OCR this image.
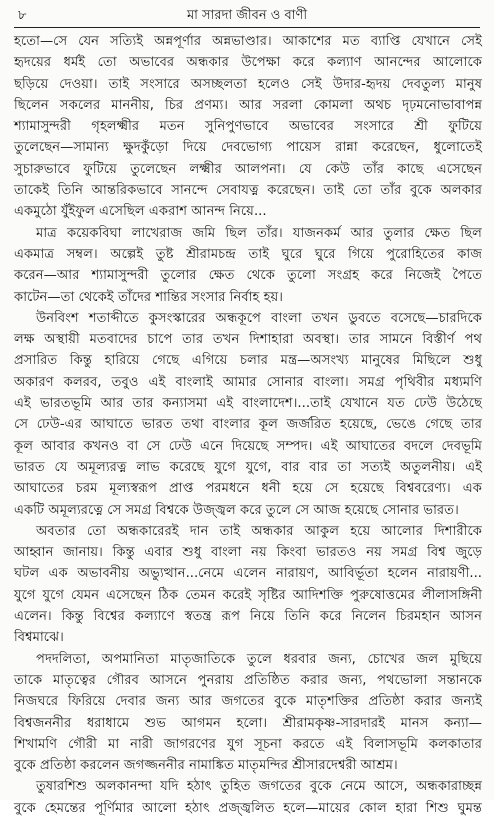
৮	মা সারদা জীবন ও বাণী
হতো—সে যেন সত্যিই অন্নপূর্ণার অন্নভাণ্ডার। আকাশের মত ব্যাপ্তি যেখানে সেই
হৃদয়ের ধর্মই তো অভাবের অন্ধকার উপেক্ষা করে কল্যাণ আনন্দের আলোকে
ছড়িয়ে দেওয়া। তাই সংসারে অসচ্ছলতা হলেও সেই উদার-হৃদয় দেবতুল্য মানুষ
ছিলেন সকলের মাননীয়, চির প্রণম্য। আর সরলা কোমলা অথচ দৃঢ়মনোভাবাপন্ন
শ্যামাসুন্দরী গৃহলক্ষ্মীর মতন সুনিপুণভাবে অভাবের সংসারে শ্রী ফুটিয়ে
তুলেছেন—সামান্য ক্ষুদকুঁড়ো দিয়ে দেবভোগ্য পায়েস রান্না করেছেন, ধুলোতেই
সুচারুভাবে ফুটিয়ে তুলেছেন লক্ষ্মীর আলপনা। যে কেউ তাঁর কাছে এসেছেন
তাকেই তিনি আন্তরিকভাবে সানন্দে সেবাযত্ন করেছেন। তাই তো তাঁর বুকে অলকার
একমুঠো যুঁইফুল এসেছিল একরাশ আনন্দ নিয়ে...
মাত্র কয়েকবিঘা লাখেরাজ জমি ছিল তাঁর। যাজনকর্ম আর তুলার ক্ষেত ছিল
একমাত্র সম্বল। অল্পেই তুষ্ট শ্রীরামচন্দ্র তাই ঘুরে ঘুরে গিয়ে পুরোহিতের কাজ
করেন—আর শ্যামাসুন্দরী তুলোর ক্ষেত থেকে তুলো সংগ্রহ করে নিজেই পৈতে
কাটেন—তা থেকেই তাঁদের শান্তির সংসার নির্বাহ হয়।
উনবিংশ শতাব্দীতে কুসংস্কারের অন্ধকূপে বাংলা তখন ডুবতে বসেছে—চারদিকে
লক্ষ অস্থায়ী মতবাদের চাপে তার তখন দিশাহারা অবস্থা। তার সামনে বিস্তীর্ণ পথ
প্রসারিত কিন্তু হারিয়ে গেছে এগিয়ে চলার মন্ত্র—অসংখ্য মানুষের মিছিলে শুধু
অকারণ কলরব, তবুও এই বাংলাই আমার সোনার বাংলা। সমগ্র পৃথিবীর মধ্যমণি
এই ভারতভূমি আর তার কন্যাসমা এই বাংলাদেশ।...তাই যেখানে যত ঢেউ উঠেছে
সে ঢেউ-এর আঘাতে ভারত তথা বাংলার কূল জর্জরিত হয়েছে, ভেঙে গেছে তার
কূল আবার কখনও বা সে ঢেউ এনে দিয়েছে সম্পদ। এই আঘাতের বদলে দেবভূমি
ভারত যে অমূল্যরত্ন লাভ করেছে যুগে যুগে, বার বার তা সত্যই অতুলনীয়। এই
আঘাতের চরম মূল্যস্বরূপ প্রাপ্ত পরমধনে ধনী হয়ে সে হয়েছে বিশ্ববরেণ্য। এক
একটি অমূল্যরত্নে সে সমগ্র বিশ্বকে উজ্জ্বল করে তুলে সে আজ হয়েছে সোনার ভারত।
অবতার তো অন্ধকারেরই দান তাই অন্ধকার আকুল হয়ে আলোর দিশারীকে
আহ্বান জানায়। কিন্তু এবার শুধু বাংলা নয় কিংবা ভারতও নয় সমগ্র বিশ্ব জুড়ে
ঘটল এক অভাবনীয় অভ্যুত্থান...নেমে এলেন নারায়ণ, আবির্ভূতা হলেন নারায়ণী...
যুগে যুগে যেমন এসেছেন ঠিক তেমন করেই সৃষ্টির আদিশক্তি পুরুষোত্তমের লীলাসঙ্গিনী
এলেন। কিন্তু বিশ্বের কল্যাণে স্বতন্ত্র রূপ নিয়ে তিনি করে নিলেন চিরমহান আসন
বিশ্বমাঝে।
পদদলিতা, অপমানিতা মাতৃজাতিকে তুলে ধরবার জন্য, চোখের জল মুছিয়ে
তাকে মাতৃত্বের গৌরব আসনে পুনরায় প্রতিষ্ঠিত করার জন্য, পথভোলা সন্তানকে
নিজঘরে ফিরিয়ে দেবার জন্য আর জগতের বুকে মাতৃশক্তির প্রতিষ্ঠা করার জন্যই
বিশ্বজননীর ধরাধামে শুভ আগমন হলো। শ্রীরামকৃষ্ণ-সারদারই মানস কন্যা—
শিখামণি গৌরী মা নারী জাগরণের যুগ সূচনা করতে এই বিলাসভূমি কলকাতার
বুকে প্রতিষ্ঠা করলেন জগজ্জননীর নামাঙ্কিত মাতৃমন্দির শ্রীসারদেশ্বরী আশ্রম।
তুষারশিশু অলকানন্দা যদি হঠাৎ তুহিত জগতের বুকে নেমে আসে, অন্ধকারাচ্ছন্ন
বুকে হেমন্তের পূর্ণিমার আলো হঠাৎ প্রজ্জ্বলিত হলে—মায়ের কোল হারা শিশু ঘুমন্ত
